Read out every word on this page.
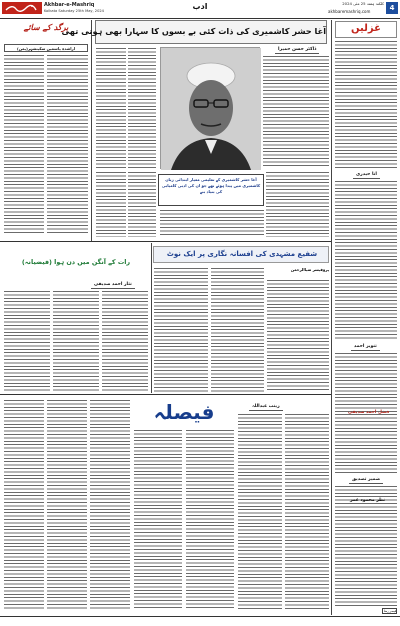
Akhbar-e-Mashriq
Kolkata Saturday 25th May, 2024	ادب
akhbaremashriq.com
کلکتہ ہفتہ 25 مئی 2024
4
برگد کے سائے
اراشدہ یاسمین سکینشہر(یمن)
آغا حشر کاشمیری کی ذات کئی بے بسوں کا سہارا بھی ہوتی تھی
ڈاکٹر حسن حمیرا
آغا حشر کاشمیری کے تعلیمی معیار ابتدائی زبان کاشمیری میں پیدا ہوئے تھے جو ان کی ادبی کامیابی کی بنیاد بنے
غزلیں
انا حیدری
تنویر احمد
ضمیر تصدیق
قیصر رضا
رات کے آنگن میں دن ہوا (فیضیانہ)
نثار احمد صدیقی
شفیع مشہدی کی افسانہ نگاری پر ایک نوٹ
پروفیسر ضیاالرحمن
فیصلہ	زینب عبداللہ
فضل احمد صدیقی
نظر محمود عمر
